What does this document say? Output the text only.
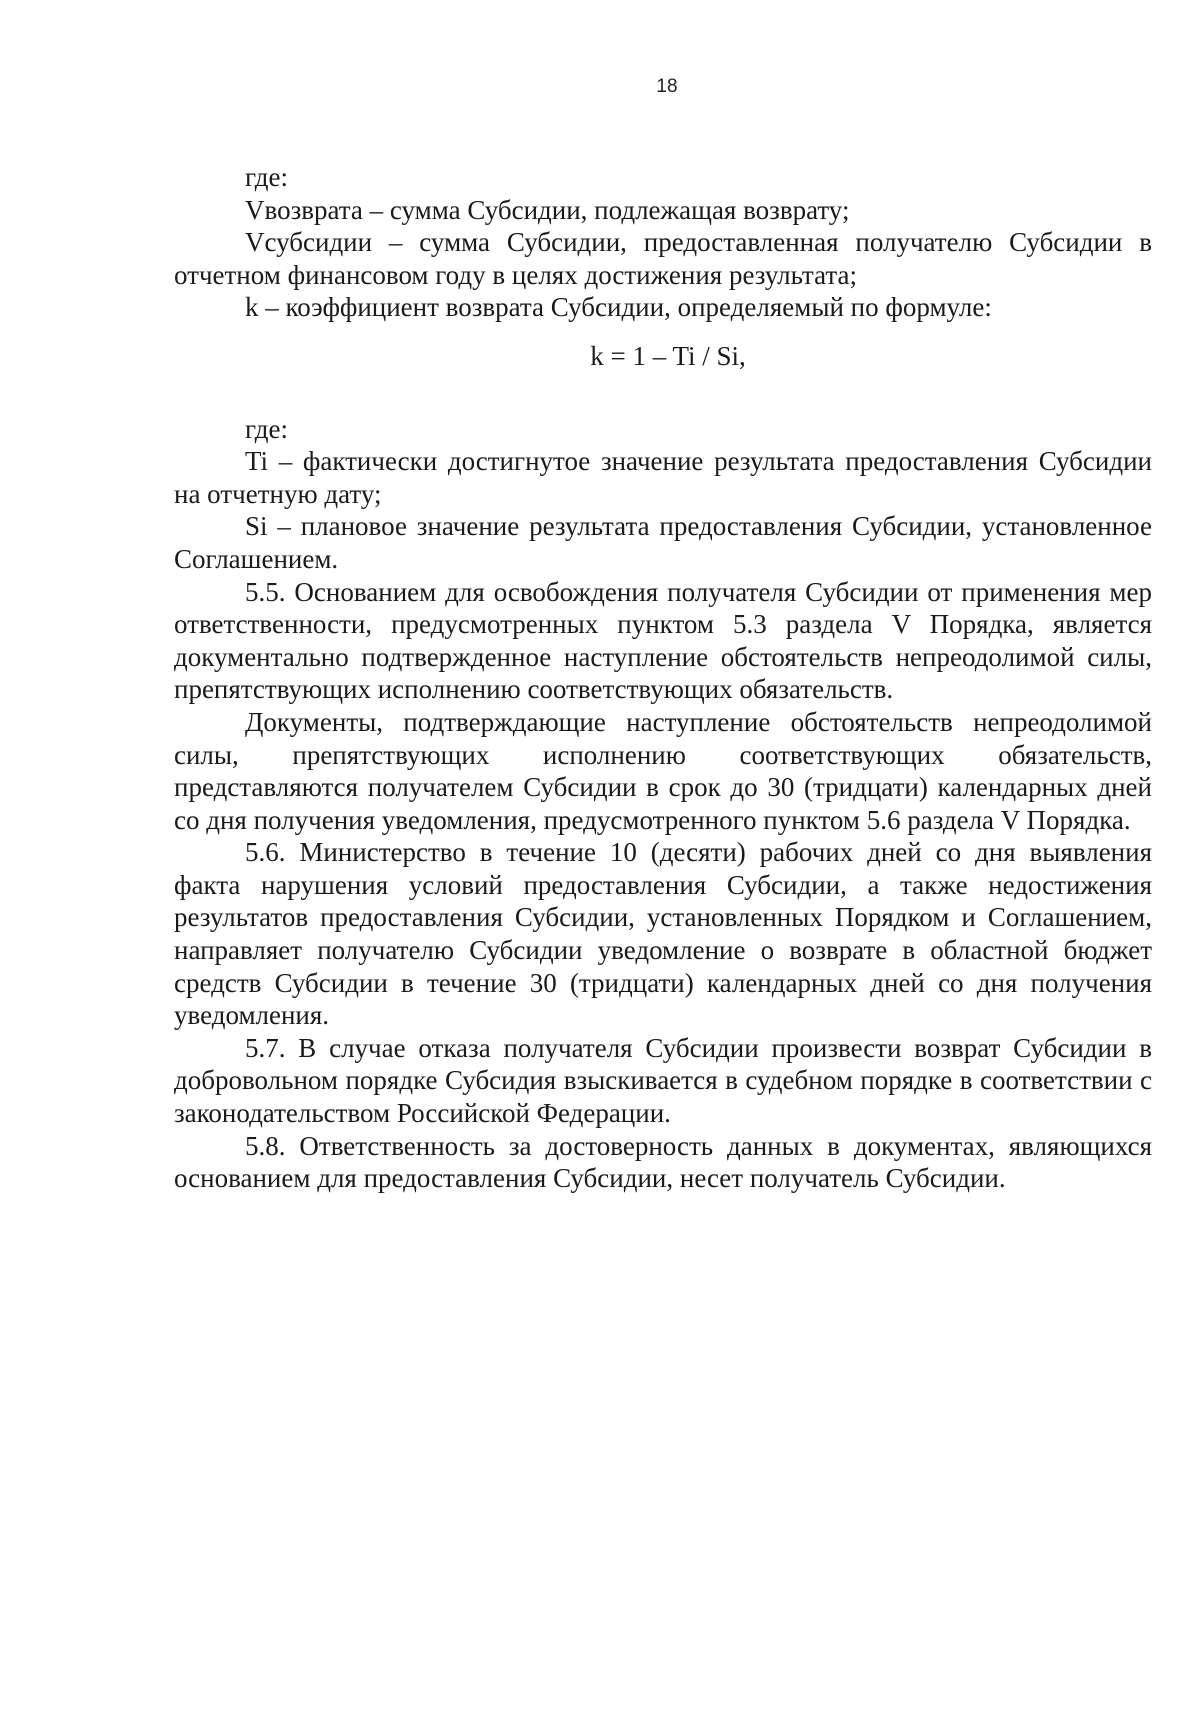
18

где:

Vвозврата – сумма Субсидии, подлежащая возврату;

Vсубсидии – сумма Субсидии, предоставленная получателю Субсидии в отчетном финансовом году в целях достижения результата;

k – коэффициент возврата Субсидии, определяемый по формуле:

k = 1 – Ti / Si,

где:

Ti – фактически достигнутое значение результата предоставления Субсидии на отчетную дату;

Si – плановое значение результата предоставления Субсидии, установленное Соглашением.

5.5. Основанием для освобождения получателя Субсидии от применения мер ответственности, предусмотренных пунктом 5.3 раздела V Порядка, является документально подтвержденное наступление обстоятельств непреодолимой силы, препятствующих исполнению соответствующих обязательств.

Документы, подтверждающие наступление обстоятельств непреодолимой силы, препятствующих исполнению соответствующих обязательств, представляются получателем Субсидии в срок до 30 (тридцати) календарных дней со дня получения уведомления, предусмотренного пунктом 5.6 раздела V Порядка.

5.6. Министерство в течение 10 (десяти) рабочих дней со дня выявления факта нарушения условий предоставления Субсидии, а также недостижения результатов предоставления Субсидии, установленных Порядком и Соглашением, направляет получателю Субсидии уведомление о возврате в областной бюджет средств Субсидии в течение 30 (тридцати) календарных дней со дня получения уведомления.

5.7. В случае отказа получателя Субсидии произвести возврат Субсидии в добровольном порядке Субсидия взыскивается в судебном порядке в соответствии с законодательством Российской Федерации.

5.8. Ответственность за достоверность данных в документах, являющихся основанием для предоставления Субсидии, несет получатель Субсидии.
